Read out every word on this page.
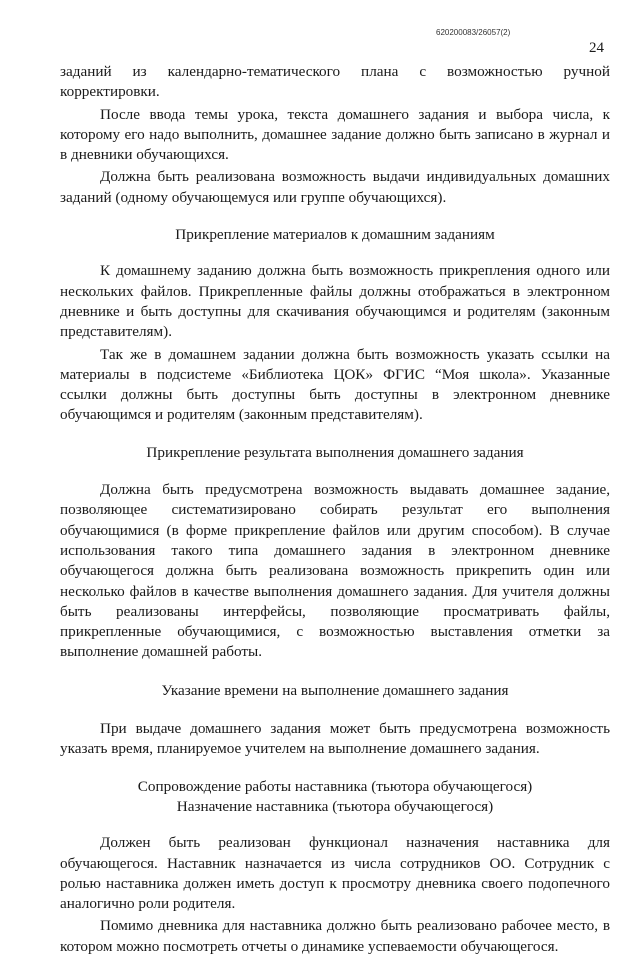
620200083/26057(2)
24

заданий из календарно-тематического плана с возможностью ручной корректировки.

После ввода темы урока, текста домашнего задания и выбора числа, к которому его надо выполнить, домашнее задание должно быть записано в журнал и в дневники обучающихся.

Должна быть реализована возможность выдачи индивидуальных домашних заданий (одному обучающемуся или группе обучающихся).

Прикрепление материалов к домашним заданиям

К домашнему заданию должна быть возможность прикрепления одного или нескольких файлов. Прикрепленные файлы должны отображаться в электронном дневнике и быть доступны для скачивания обучающимся и родителям (законным представителям).

Так же в домашнем задании должна быть возможность указать ссылки на материалы в подсистеме «Библиотека ЦОК» ФГИС “Моя школа». Указанные ссылки должны быть доступны быть доступны в электронном дневнике обучающимся и родителям (законным представителям).

Прикрепление результата выполнения домашнего задания

Должна быть предусмотрена возможность выдавать домашнее задание, позволяющее систематизировано собирать результат его выполнения обучающимися (в форме прикрепление файлов или другим способом). В случае использования такого типа домашнего задания в электронном дневнике обучающегося должна быть реализована возможность прикрепить один или несколько файлов в качестве выполнения домашнего задания. Для учителя должны быть реализованы интерфейсы, позволяющие просматривать файлы, прикрепленные обучающимися, с возможностью выставления отметки за выполнение домашней работы.

Указание времени на выполнение домашнего задания

При выдаче домашнего задания может быть предусмотрена возможность указать время, планируемое учителем на выполнение домашнего задания.

Сопровождение работы наставника (тьютора обучающегося)

Назначение наставника (тьютора обучающегося)

Должен быть реализован функционал назначения наставника для обучающегося. Наставник назначается из числа сотрудников ОО. Сотрудник с ролью наставника должен иметь доступ к просмотру дневника своего подопечного аналогично роли родителя.

Помимо дневника для наставника должно быть реализовано рабочее место, в котором можно посмотреть отчеты о динамике успеваемости обучающегося.
